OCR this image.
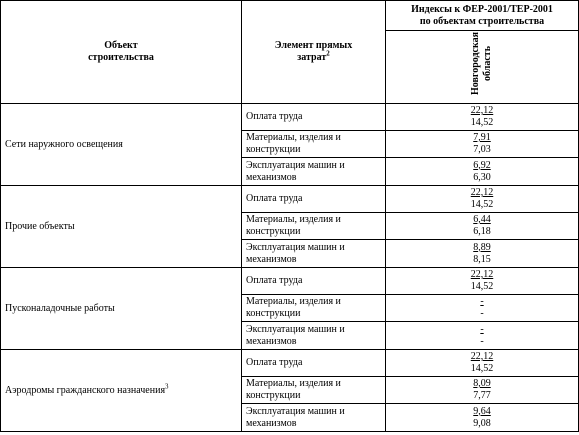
Объект
строительства	Элемент прямых
затрат$^2$	Индексы к ФЕР-2001/ТЕР-2001
по объектам строительства
		Новгородская
область
Сети наружного освещения	Оплата труда	22,12
14,52

	Материалы, изделия и конструкции	7,91
7,03

	Эксплуатация машин и механизмов	6,92
6,30

Прочие объекты	Оплата труда	22,12
14,52

	Материалы, изделия и конструкции	6,44
6,18

	Эксплуатация машин и механизмов	8,89
8,15

Пусконаладочные работы	Оплата труда	22,12
14,52

	Материалы, изделия и конструкции	-
-

	Эксплуатация машин и механизмов	-
-

Аэродромы гражданского назначения$^3$	Оплата труда	22,12
14,52

	Материалы, изделия и конструкции	8,09
7,77

	Эксплуатация машин и механизмов	9,64
9,08
